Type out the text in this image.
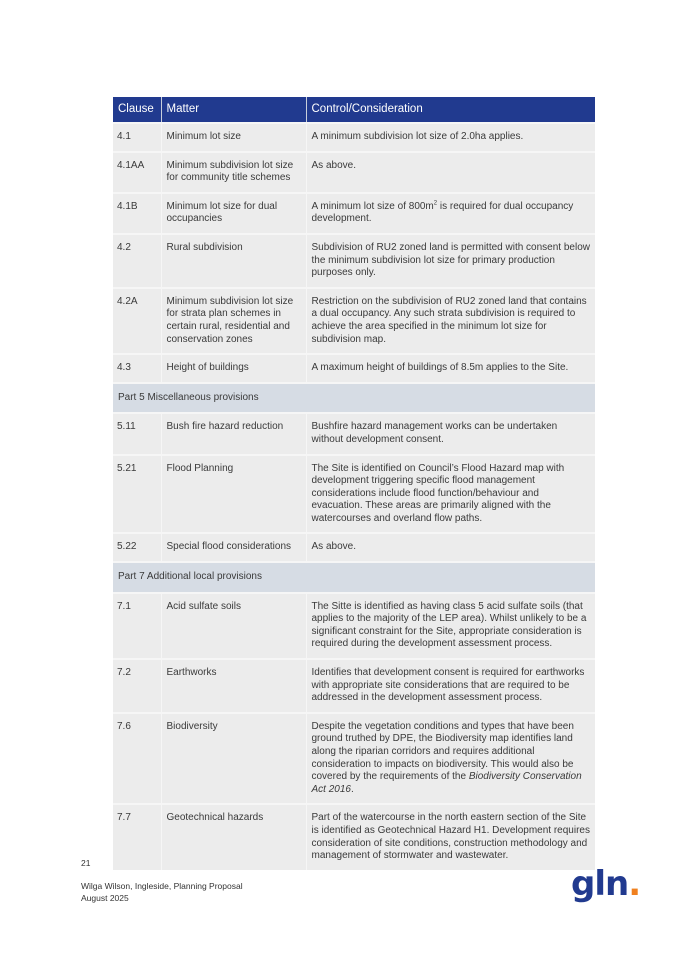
Clause	Matter	Control/Consideration
4.1	Minimum lot size	A minimum subdivision lot size of 2.0ha applies.
4.1AA	Minimum subdivision lot size for community title schemes	As above.
4.1B	Minimum lot size for dual occupancies	A minimum lot size of $800m^2$ is required for dual occupancy development.
4.2	Rural subdivision	Subdivision of RU2 zoned land is permitted with consent below the minimum subdivision lot size for primary production purposes only.
4.2A	Minimum subdivision lot size for strata plan schemes in certain rural, residential and conservation zones	Restriction on the subdivision of RU2 zoned land that contains a dual occupancy. Any such strata subdivision is required to achieve the area specified in the minimum lot size for subdivision map.
4.3	Height of buildings	A maximum height of buildings of 8.5m applies to the Site.
Part 5 Miscellaneous provisions		
5.11	Bush fire hazard reduction	Bushfire hazard management works can be undertaken without development consent.
5.21	Flood Planning	The Site is identified on Council’s Flood Hazard map with development triggering specific flood management considerations include flood function/behaviour and evacuation. These areas are primarily aligned with the watercourses and overland flow paths.
5.22	Special flood considerations	As above.
Part 7 Additional local provisions		
7.1	Acid sulfate soils	The Sitte is identified as having class 5 acid sulfate soils (that applies to the majority of the LEP area). Whilst unlikely to be a significant constraint for the Site, appropriate consideration is required during the development assessment process.
7.2	Earthworks	Identifies that development consent is required for earthworks with appropriate site considerations that are required to be addressed in the development assessment process.
7.6	Biodiversity	Despite the vegetation conditions and types that have been ground truthed by DPE, the Biodiversity map identifies land along the riparian corridors and requires additional consideration to impacts on biodiversity. This would also be covered by the requirements of the Biodiversity Conservation Act 2016.
7.7	Geotechnical hazards	Part of the watercourse in the north eastern section of the Site is identified as Geotechnical Hazard H1. Development requires consideration of site conditions, construction methodology and management of stormwater and wastewater.
21
Wilga Wilson, Ingleside, Planning Proposal
August 2025	gln.
